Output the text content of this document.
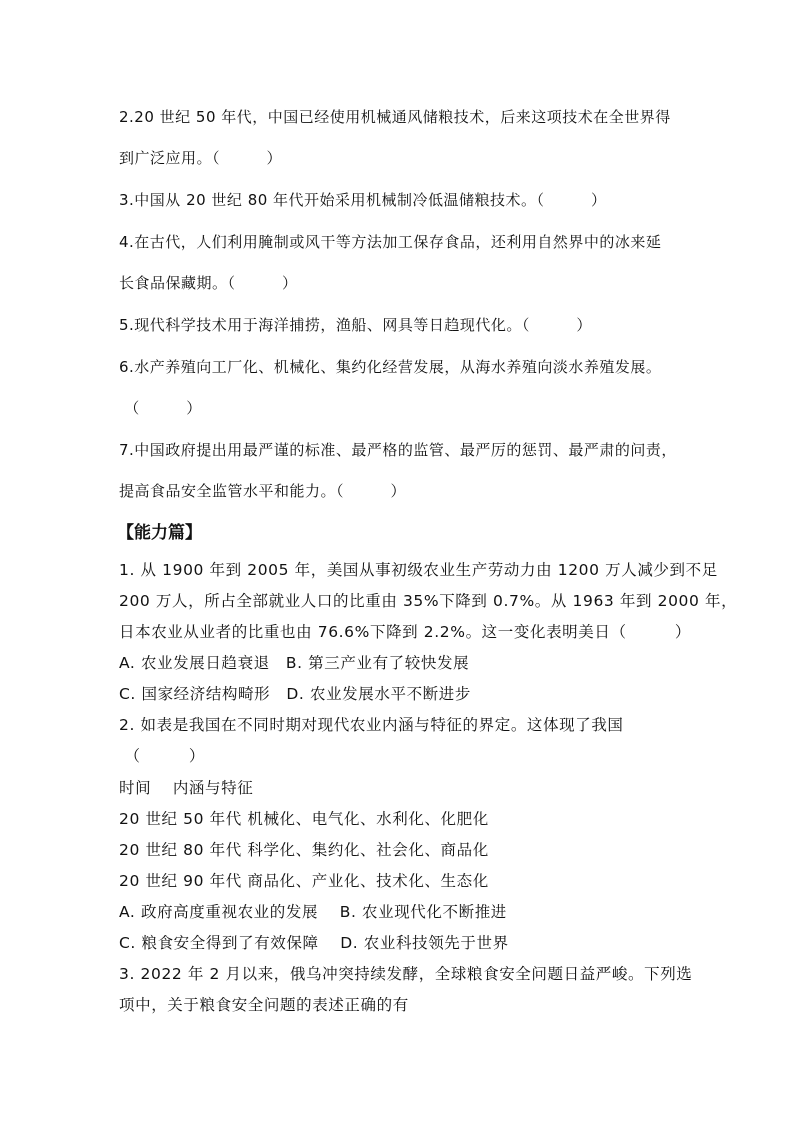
2.20 世纪 50 年代，中国已经使用机械通风储粮技术，后来这项技术在全世界得
到广泛应用。（　　　）
3.中国从 20 世纪 80 年代开始采用机械制冷低温储粮技术。（　　　）
4.在古代，人们利用腌制或风干等方法加工保存食品，还利用自然界中的冰来延
长食品保藏期。（　　　）
5.现代科学技术用于海洋捕捞，渔船、网具等日趋现代化。（　　　）
6.水产养殖向工厂化、机械化、集约化经营发展，从海水养殖向淡水养殖发展。
（　　　）
7.中国政府提出用最严谨的标准、最严格的监管、最严厉的惩罚、最严肃的问责，
提高食品安全监管水平和能力。（　　　）
【能力篇】
1. 从 1900 年到 2005 年，美国从事初级农业生产劳动力由 1200 万人减少到不足
200 万人，所占全部就业人口的比重由 35%下降到 0.7%。从 1963 年到 2000 年，
日本农业从业者的比重也由 76.6%下降到 2.2%。这一变化表明美日（　　　）
A. 农业发展日趋衰退　B. 第三产业有了较快发展
C. 国家经济结构畸形　D. 农业发展水平不断进步
2. 如表是我国在不同时期对现代农业内涵与特征的界定。这体现了我国
（　　　）
时间　 内涵与特征
20 世纪 50 年代 机械化、电气化、水利化、化肥化
20 世纪 80 年代 科学化、集约化、社会化、商品化
20 世纪 90 年代 商品化、产业化、技术化、生态化
A. 政府高度重视农业的发展　 B. 农业现代化不断推进
C. 粮食安全得到了有效保障　 D. 农业科技领先于世界
3. 2022 年 2 月以来，俄乌冲突持续发酵，全球粮食安全问题日益严峻。下列选
项中，关于粮食安全问题的表述正确的有
